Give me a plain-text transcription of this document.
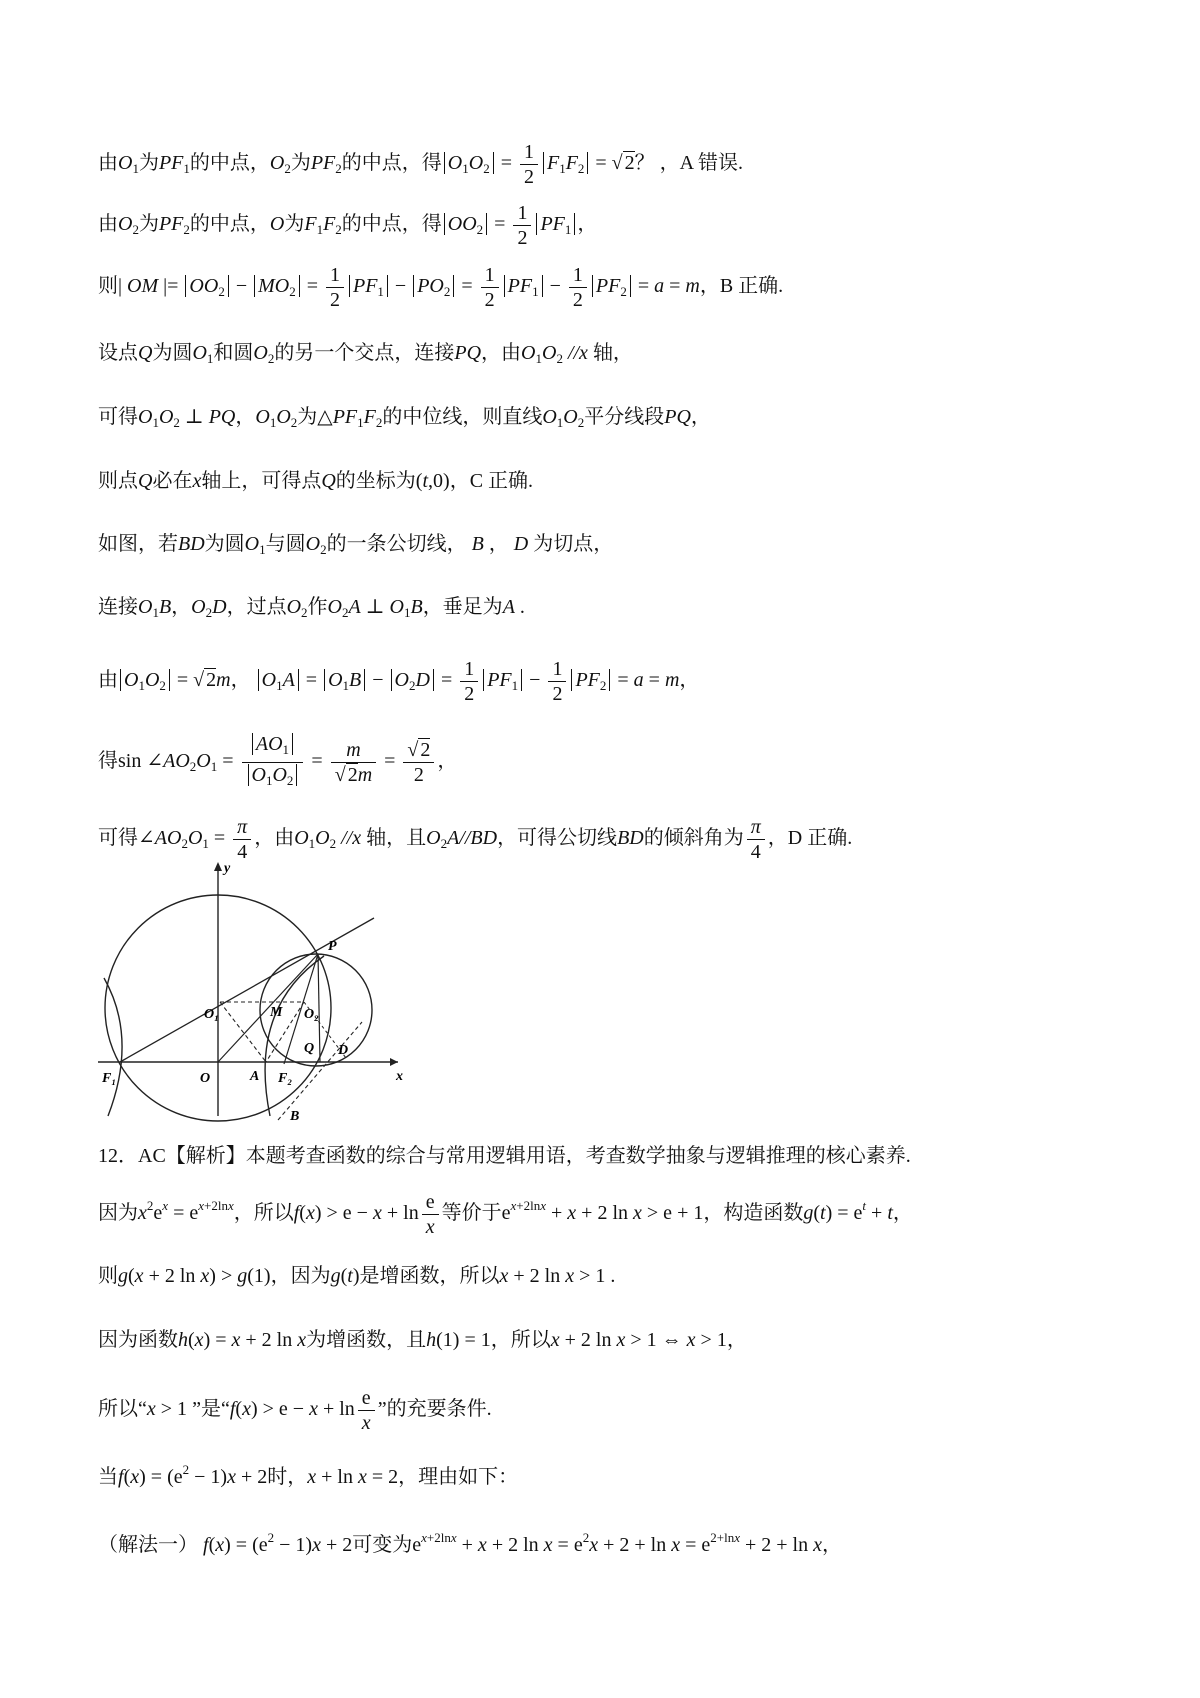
由$O_1$为$PF_1$的中点，$O_2$为$PF_2$的中点，得 $O_1O_2 = \frac{1}{2} F_1F_2$ = √ 2？ ，A 错误.
由$O_2$为$PF_2$的中点，O为$F_1F_2$的中点，得 $OO_2 = \frac{1}{2} PF_1$ ，
则| OM |= $OO_2 - MO_2 = \frac{1}{2} PF_1 - PO_2 = \frac{1}{2} PF_1 - \frac{1}{2} PF_2 = a = m$，B 正确.
设点Q为圆$O_1$和圆$O_2$的另一个交点，连接PQ，由$O_1O_2$ //x 轴，
可得$O_1O_2$ ⊥ PQ，$O_1O_2$为$\triangle PF_1F_2$的中位线，则直线$O_1O_2$平分线段PQ，
则点Q必在x轴上，可得点Q的坐标为(t,0)，C 正确.
如图，若BD为圆$O_1$与圆$O_2$的一条公切线， B ， D 为切点，
连接$O_1B$，$O_2D$，过点$O_2$作$O_2A$ ⊥ $O_1B$，垂足为A .
由 $O_1O_2$ = √ 2m， $O_1A = O_1B - O_2D = \frac{1}{2} PF_1 - \frac{1}{2} PF_2 = a = m$，
得$\sin \angle AO_2O_1 = \frac{AO_1}{O_1O_2} = \frac{m}{√ 2m} = \frac{√ 2}{2}$ ，
可得$\angle AO_2O_1 = \frac{\pi}{4}$ ，由$O_1O_2$ //x 轴，且$O_2A//BD$，可得公切线BD的倾斜角为 $\frac{\pi}{4}$ ，D 正确.
y
x
P
M
O₁	O₂
Q D
F₁	O	A F₂
B
12．AC【解析】本题考查函数的综合与常用逻辑用语，考查数学抽象与逻辑推理的核心素养.
因为$x^2e^x = e^{x+2lnx}$，所以$f(x) > e - x + \ln \frac{e}{x}$ 等价于$e^{x+2lnx} + x + 2$ ln x > e + 1，构造函数$g(t) = e^t + t$，
则g(x + 2 ln x) > g(1)，因为g(t)是增函数，所以x + 2 ln x > 1 .
因为函数h(x) = x + 2 ln x为增函数，且h(1) = 1，所以x + 2 ln x > 1 ⇔ x > 1，
所以“x > 1 ”是“$f(x) > e - x + \ln \frac{e}{x}$ ”的充要条件.
当$f(x) = (e^2 - 1)x + 2$时，x + ln x = 2，理由如下：
（解法一） $f(x) = (e^2 - 1)x + 2$可变为$e^{x+2lnx} + x + 2$ $\ln x = e^2x + 2 + \ln x = e^{2+lnx} + 2 + \ln x$，
